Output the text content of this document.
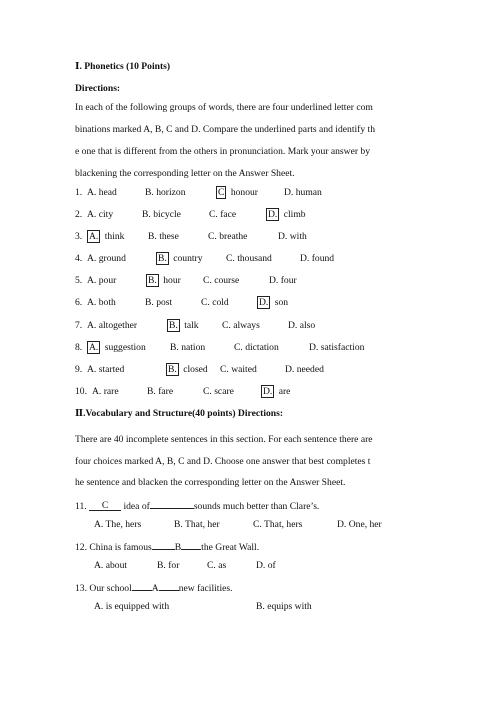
Ⅰ. Phonetics (10 Points)
Directions:
In each of the following groups of words, there are four underlined letter com
binations marked A, B, C and D. Compare the underlined parts and identify th
e one that is different from the others in pronunciation. Mark your answer by
blackening the corresponding letter on the Answer Sheet.
1. A. head	B. horizon	C honour	D. human
2. A. city	B. bicycle	C. face	D. climb
3. A. think B. these	C. breathe	D. with
4. A. ground	B. country C. thousand	D. found
5. A. pour	B. hour C. course	D. four
6. A. both	B. post	C. cold	D. son
7. A. altogether	B. talk C. always	D. also
8. A. suggestion	B. nation	C. dictation	D. satisfaction
9. A. started	B. closed C. waited	D. needed
10. A. rare	B. fare	C. scare	D. are
Ⅱ.Vocabulary and Structure(40 points) Directions:
There are 40 incomplete sentences in this section. For each sentence there are
four choices marked A, B, C and D. Choose one answer that best completes t
he sentence and blacken the corresponding letter on the Answer Sheet.
11. C idea of	sounds much better than Clare’s.
A. The, hers	B. That, her	C. That, hers	D. One, her
12. China is famous B the Great Wall.
A. about	B. for	C. as	D. of
13. Our school A new facilities.
A. is equipped with	B. equips with
